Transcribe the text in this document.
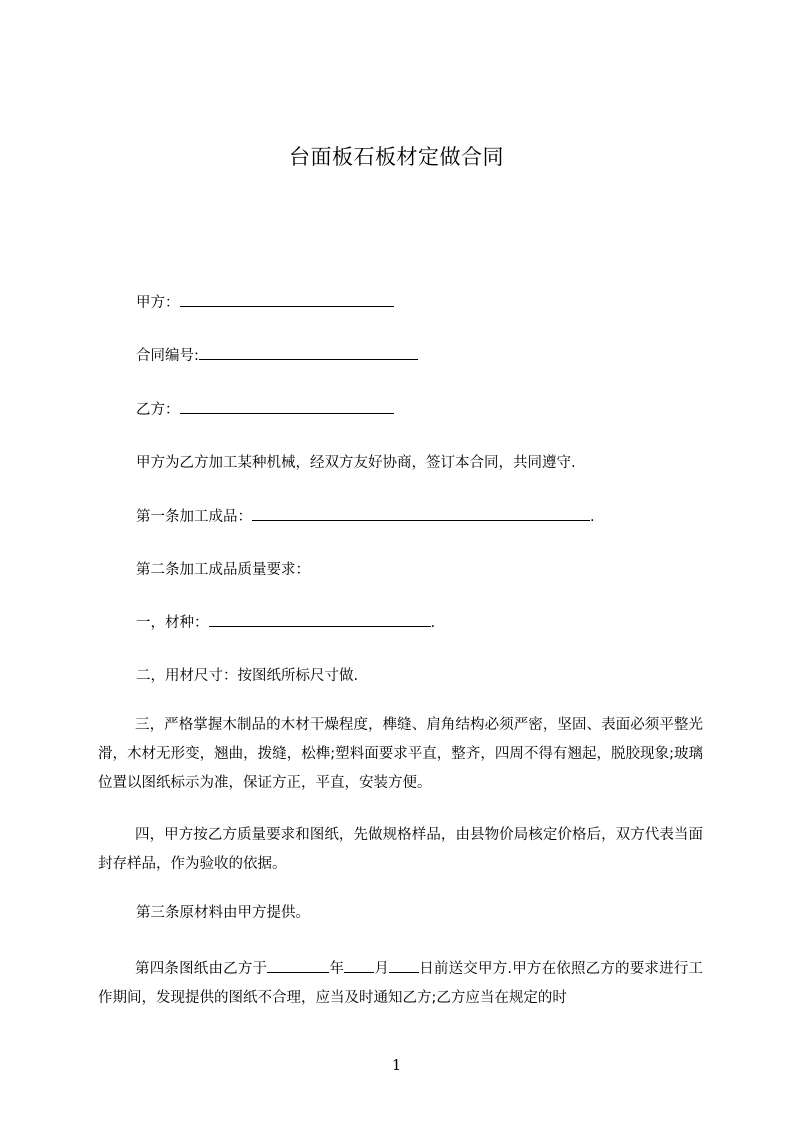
台面板石板材定做合同
甲方：
合同编号:
乙方：
甲方为乙方加工某种机械，经双方友好协商，签订本合同，共同遵守.
第一条加工成品：	.
第二条加工成品质量要求：
一，材种：	.
二，用材尺寸：按图纸所标尺寸做.
三，严格掌握木制品的木材干燥程度，榫缝、肩角结构必须严密，坚固、表面必须平整光滑，木材无形变，翘曲，拨缝，松榫;塑料面要求平直，整齐，四周不得有翘起，脱胶现象;玻璃位置以图纸标示为准，保证方正，平直，安装方便。
四，甲方按乙方质量要求和图纸，先做规格样品，由县物价局核定价格后，双方代表当面封存样品，作为验收的依据。
第三条原材料由甲方提供。
第四条图纸由乙方于	年 月 日前送交甲方.甲方在依照乙方的要求进行工作期间，发现提供的图纸不合理，应当及时通知乙方;乙方应当在规定的时
1
